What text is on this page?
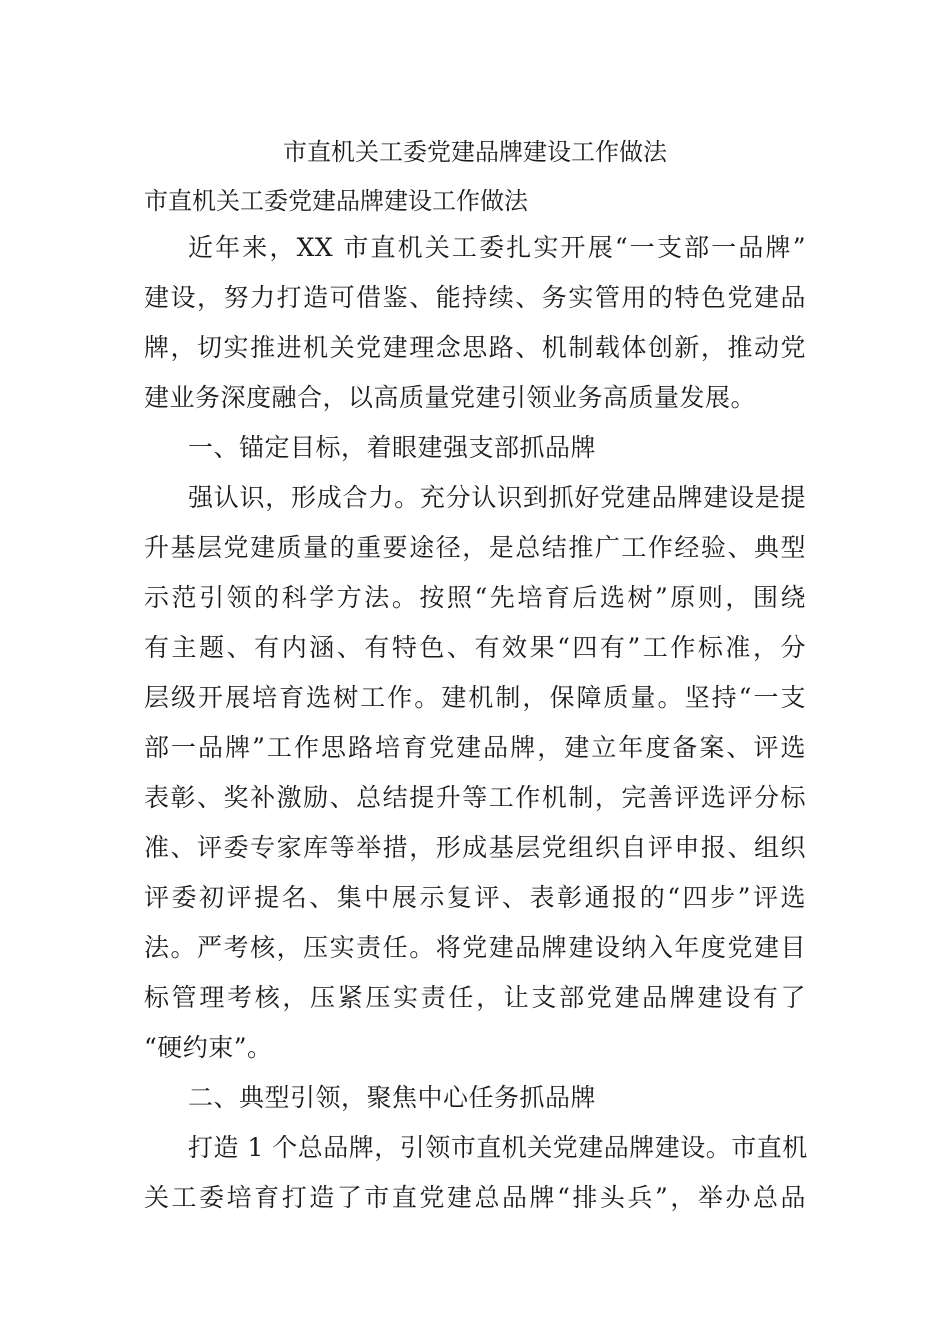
市直机关工委党建品牌建设工作做法
市直机关工委党建品牌建设工作做法
近年来，XX 市直机关工委扎实开展“一支部一品牌”
建设，努力打造可借鉴、能持续、务实管用的特色党建品
牌，切实推进机关党建理念思路、机制载体创新，推动党
建业务深度融合，以高质量党建引领业务高质量发展。
一、锚定目标，着眼建强支部抓品牌
强认识，形成合力。充分认识到抓好党建品牌建设是提
升基层党建质量的重要途径，是总结推广工作经验、典型
示范引领的科学方法。按照“先培育后选树”原则，围绕
有主题、有内涵、有特色、有效果“四有”工作标准，分
层级开展培育选树工作。建机制，保障质量。坚持“一支
部一品牌”工作思路培育党建品牌，建立年度备案、评选
表彰、奖补激励、总结提升等工作机制，完善评选评分标
准、评委专家库等举措，形成基层党组织自评申报、组织
评委初评提名、集中展示复评、表彰通报的“四步”评选
法。严考核，压实责任。将党建品牌建设纳入年度党建目
标管理考核，压紧压实责任，让支部党建品牌建设有了
“硬约束”。
二、典型引领，聚焦中心任务抓品牌
打造 1 个总品牌，引领市直机关党建品牌建设。市直机
关工委培育打造了市直党建总品牌“排头兵”，举办总品
